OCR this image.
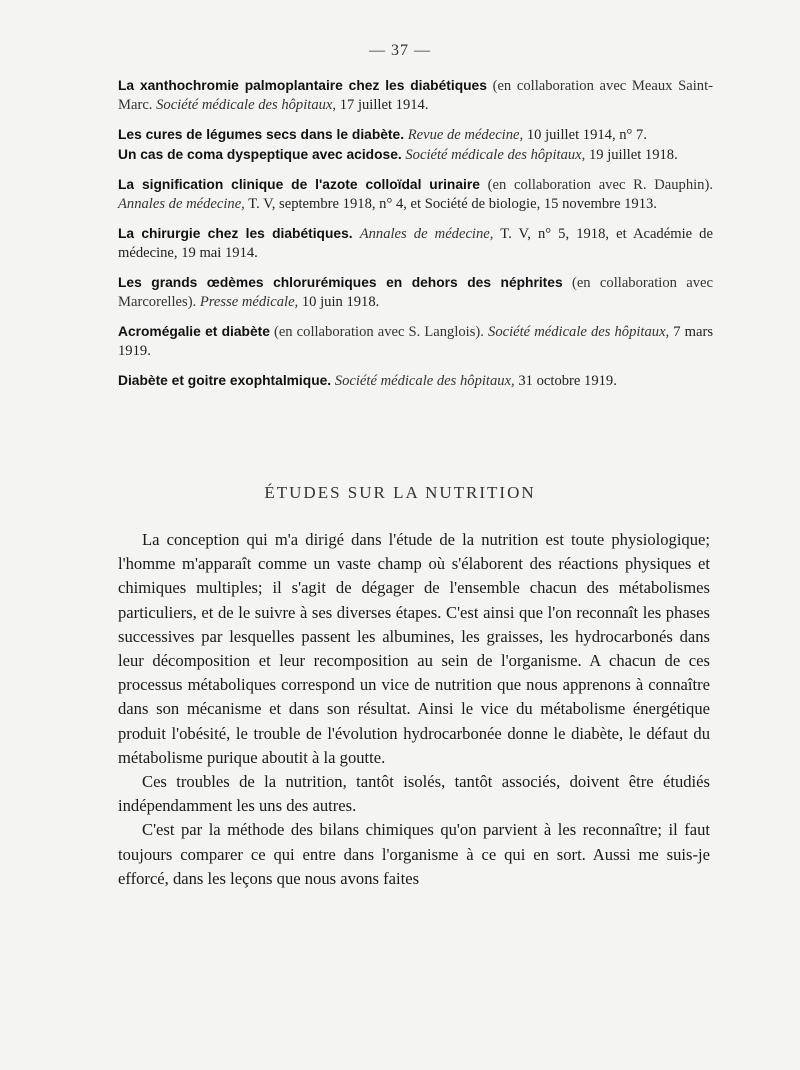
— 37 —

La xanthochromie palmoplantaire chez les diabétiques (en collaboration avec Meaux Saint-Marc. Société médicale des hôpitaux, 17 juillet 1914.

Les cures de légumes secs dans le diabète. Revue de médecine, 10 juillet 1914, n° 7.

Un cas de coma dyspeptique avec acidose. Société médicale des hôpitaux, 19 juillet 1918.

La signification clinique de l'azote colloïdal urinaire (en collaboration avec R. Dauphin). Annales de médecine, T. V, septembre 1918, n° 4, et Société de biologie, 15 novembre 1913.

La chirurgie chez les diabétiques. Annales de médecine, T. V, n° 5, 1918, et Académie de médecine, 19 mai 1914.

Les grands œdèmes chlorurémiques en dehors des néphrites (en collaboration avec Marcorelles). Presse médicale, 10 juin 1918.

Acromégalie et diabète (en collaboration avec S. Langlois). Société médicale des hôpitaux, 7 mars 1919.

Diabète et goitre exophtalmique. Société médicale des hôpitaux, 31 octobre 1919.

ÉTUDES SUR LA NUTRITION

La conception qui m'a dirigé dans l'étude de la nutrition est toute physiologique; l'homme m'apparaît comme un vaste champ où s'élaborent des réactions physiques et chimiques multiples; il s'agit de dégager de l'ensemble chacun des métabolismes particuliers, et de le suivre à ses diverses étapes. C'est ainsi que l'on reconnaît les phases successives par lesquelles passent les albumines, les graisses, les hydrocarbonés dans leur décomposition et leur recomposition au sein de l'organisme. A chacun de ces processus métaboliques correspond un vice de nutrition que nous apprenons à connaître dans son mécanisme et dans son résultat. Ainsi le vice du métabolisme énergétique produit l'obésité, le trouble de l'évolution hydrocarbonée donne le diabète, le défaut du métabolisme purique aboutit à la goutte.

Ces troubles de la nutrition, tantôt isolés, tantôt associés, doivent être étudiés indépendamment les uns des autres.

C'est par la méthode des bilans chimiques qu'on parvient à les reconnaître; il faut toujours comparer ce qui entre dans l'organisme à ce qui en sort. Aussi me suis-je efforcé, dans les leçons que nous avons faites
